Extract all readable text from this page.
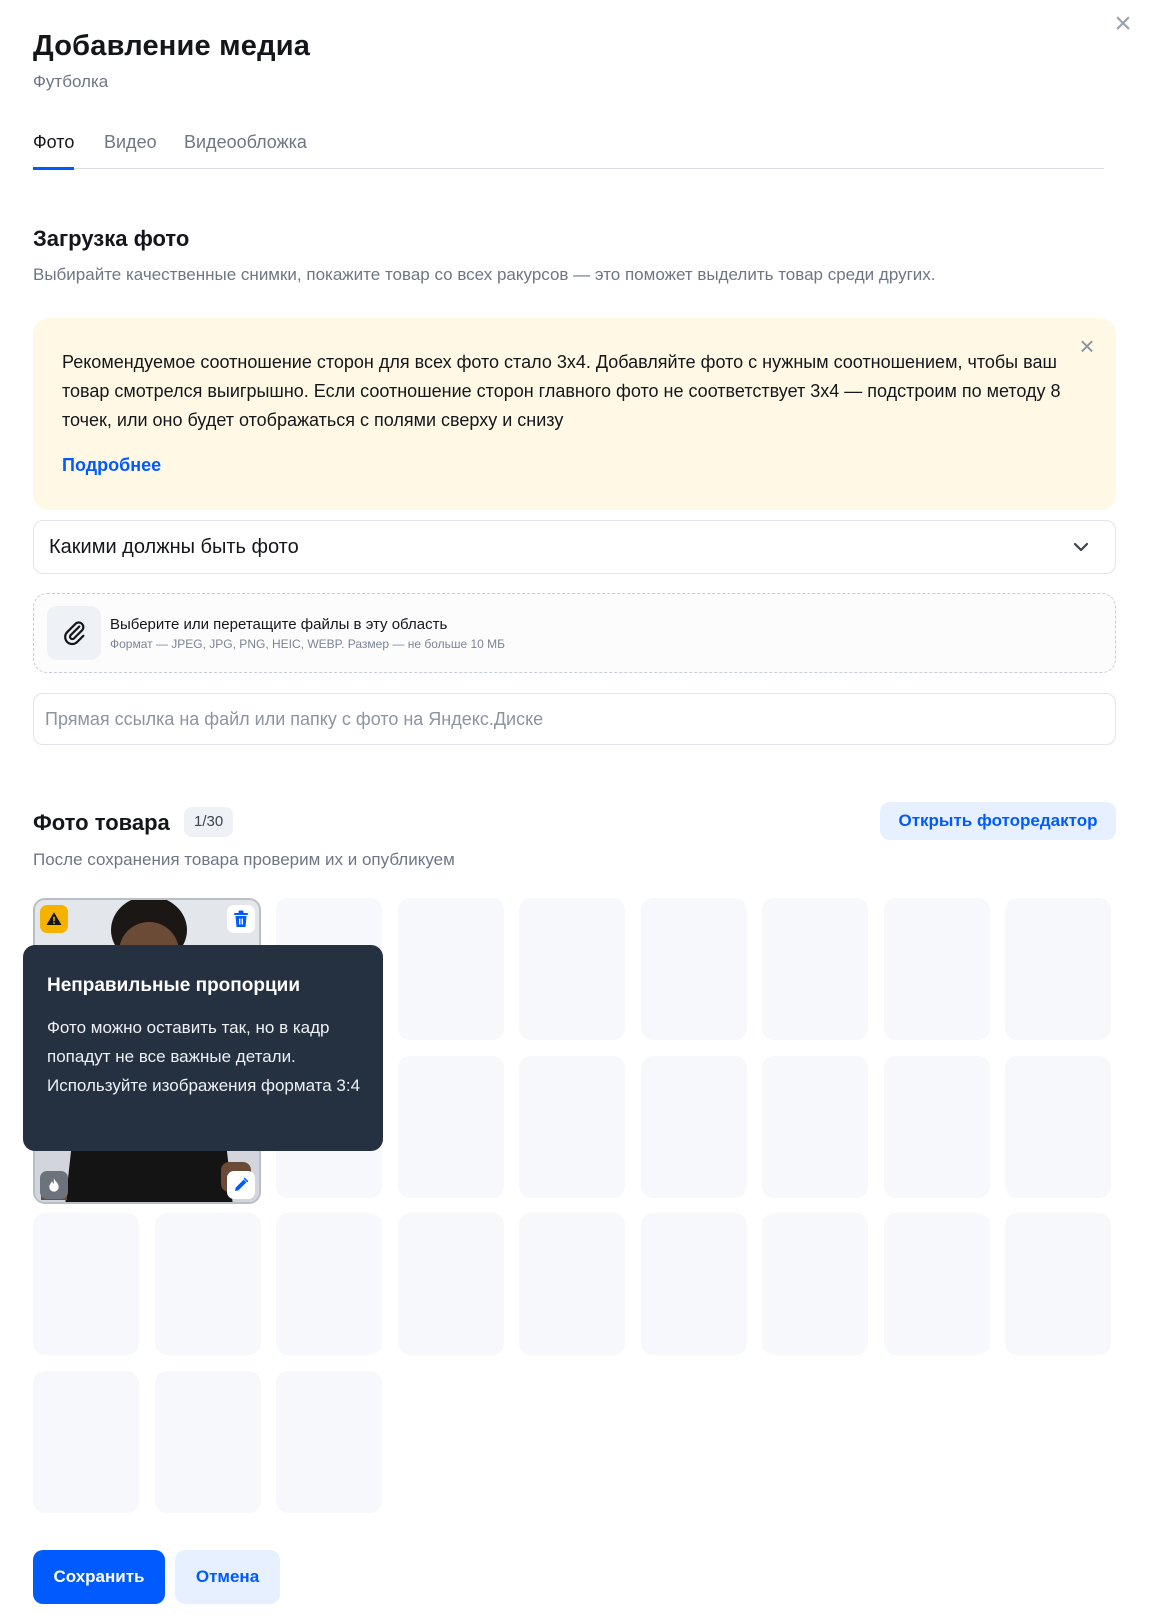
×
Добавление медиа
Футболка
Фото Видео Видеообложка
Загрузка фото
Выбирайте качественные снимки, покажите товар со всех ракурсов — это поможет выделить товар среди других.
Рекомендуемое соотношение сторон для всех фото стало 3х4. Добавляйте фото с нужным соотношением, чтобы ваш товар смотрелся выигрышно. Если соотношение сторон главного фото не соответствует 3х4 — подстроим по методу 8 точек, или оно будет отображаться с полями сверху и снизу
Подробнее
×
Какими должны быть фото
Выберите или перетащите файлы в эту область
Формат — JPEG, JPG, PNG, HEIC, WEBP. Размер — не больше 10 МБ
Прямая ссылка на файл или папку с фото на Яндекс.Диске
Фото товара	1/30	Открыть фоторедактор
После сохранения товара проверим их и опубликуем
Неправильные пропорции
Фото можно оставить так, но в кадр попадут не все важные детали. Используйте изображения формата 3:4
Сохранить	Отмена
